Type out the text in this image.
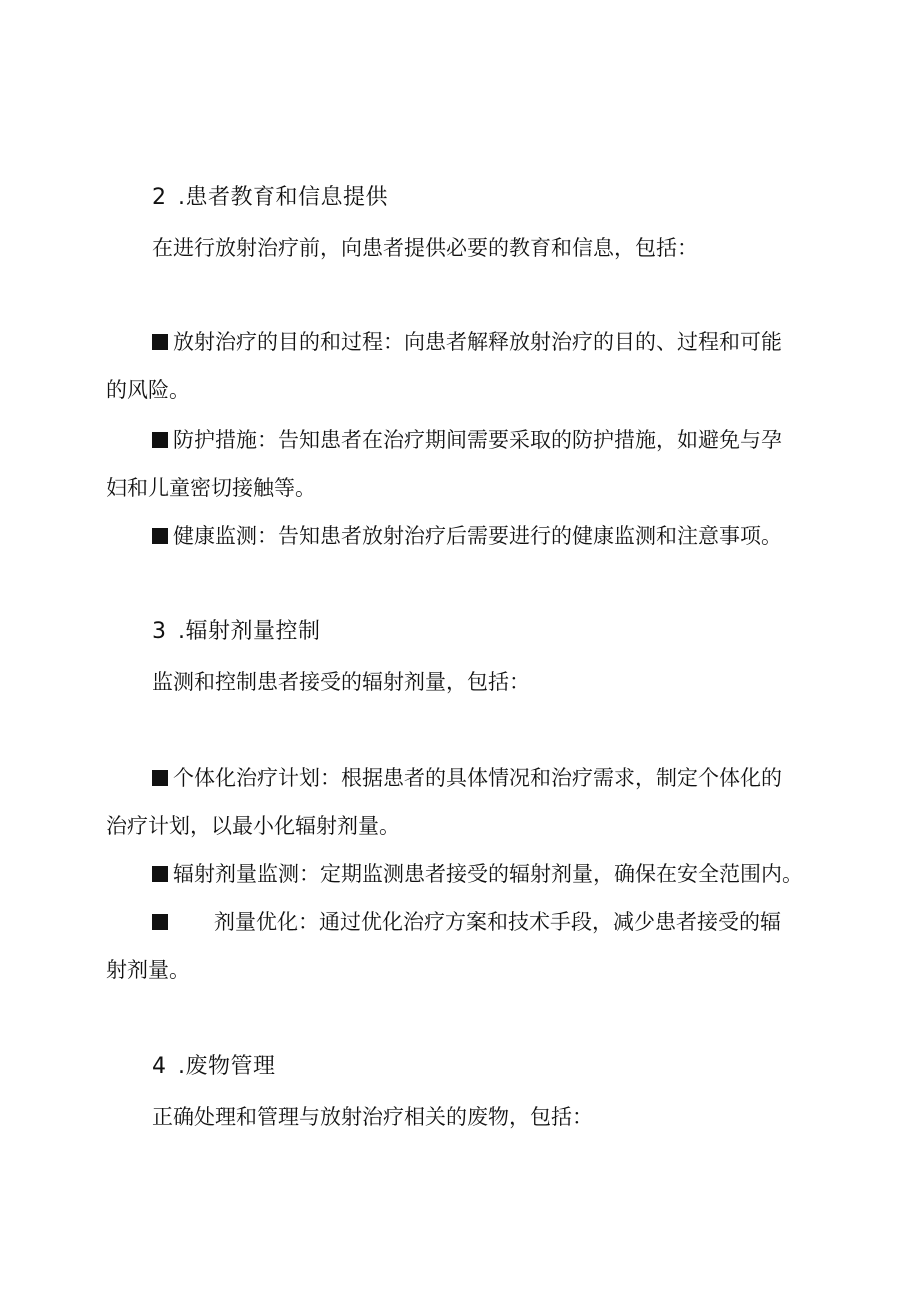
2 .患者教育和信息提供
在进行放射治疗前，向患者提供必要的教育和信息，包括：
放射治疗的目的和过程：向患者解释放射治疗的目的、过程和可能
的风险。
防护措施：告知患者在治疗期间需要采取的防护措施，如避免与孕
妇和儿童密切接触等。
健康监测：告知患者放射治疗后需要进行的健康监测和注意事项。
3 .辐射剂量控制
监测和控制患者接受的辐射剂量，包括：
个体化治疗计划：根据患者的具体情况和治疗需求，制定个体化的
治疗计划，以最小化辐射剂量。
辐射剂量监测：定期监测患者接受的辐射剂量，确保在安全范围内。
剂量优化：通过优化治疗方案和技术手段，减少患者接受的辐
射剂量。
4 .废物管理
正确处理和管理与放射治疗相关的废物，包括：
